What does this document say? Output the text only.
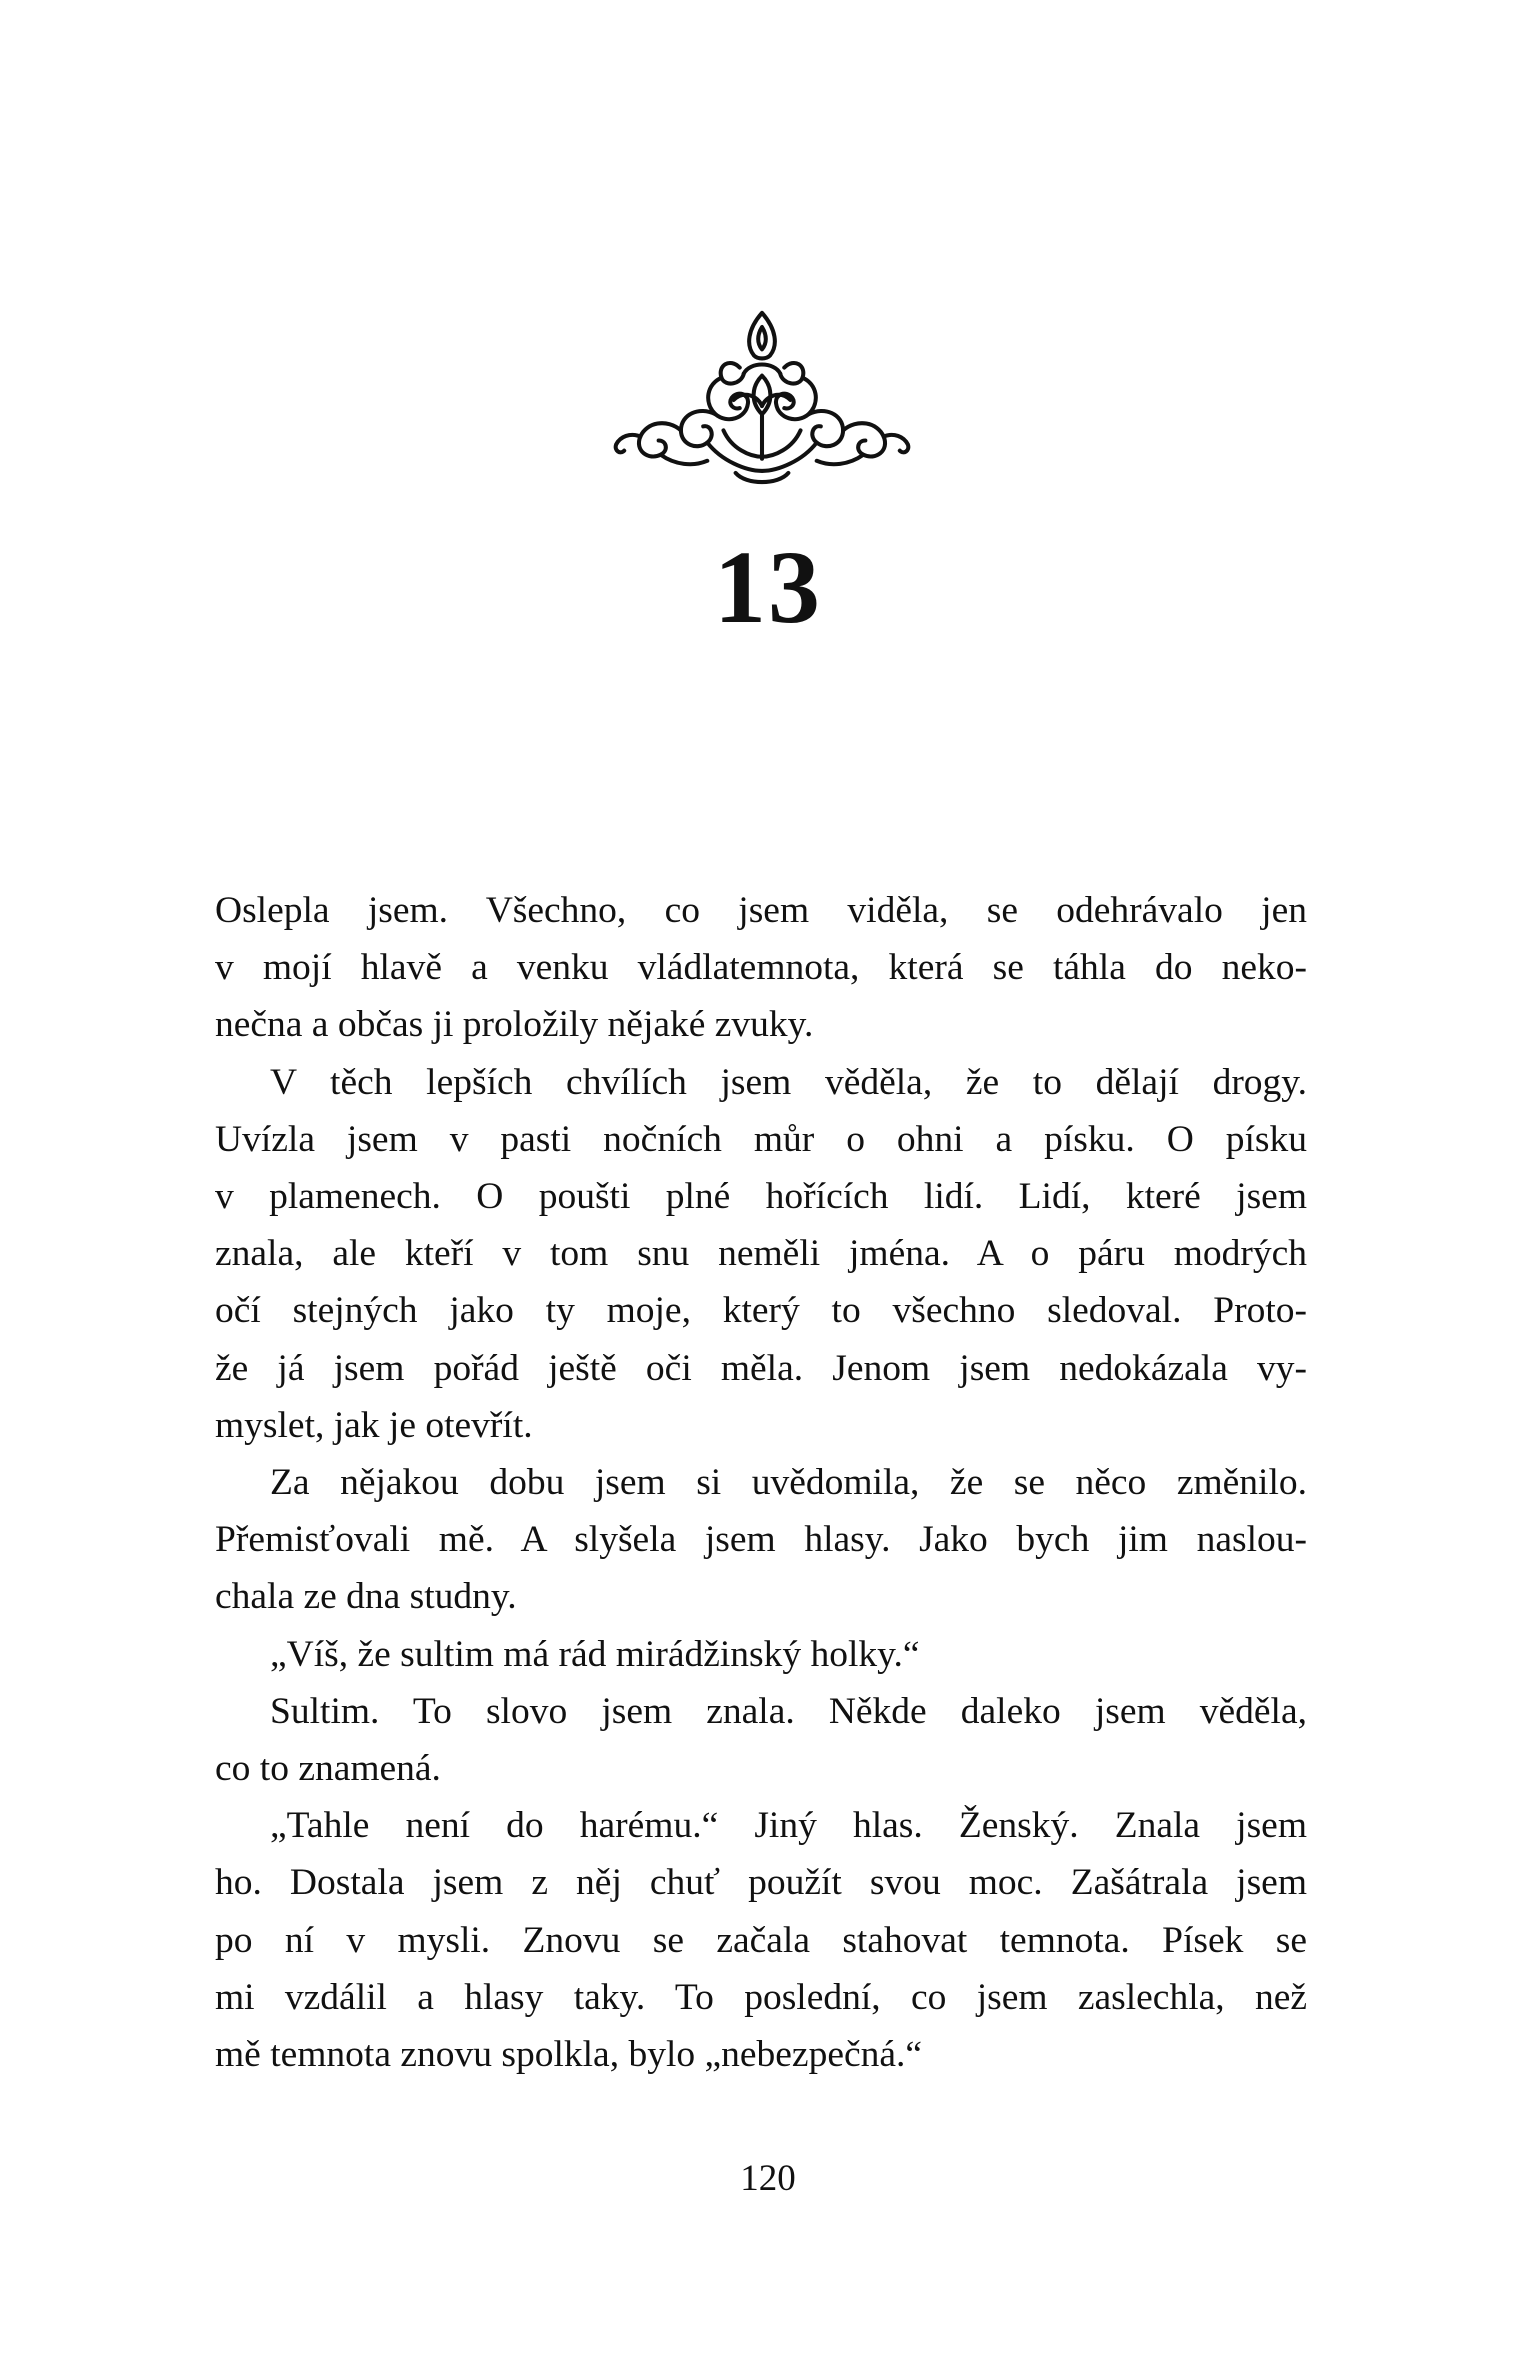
13
Oslepla jsem. Všechno, co jsem viděla, se odehrávalo jen
v mojí hlavě a venku vládlatemnota, která se táhla do neko-
nečna a občas ji proložily nějaké zvuky.
V těch lepších chvílích jsem věděla, že to dělají drogy.
Uvízla jsem v pasti nočních můr o ohni a písku. O písku
v plamenech. O poušti plné hořících lidí. Lidí, které jsem
znala, ale kteří v tom snu neměli jména. A o páru modrých
očí stejných jako ty moje, který to všechno sledoval. Proto-
že já jsem pořád ještě oči měla. Jenom jsem nedokázala vy-
myslet, jak je otevřít.
Za nějakou dobu jsem si uvědomila, že se něco změnilo.
Přemisťovali mě. A slyšela jsem hlasy. Jako bych jim naslou-
chala ze dna studny.
„Víš, že sultim má rád mirádžinský holky.“
Sultim. To slovo jsem znala. Někde daleko jsem věděla,
co to znamená.
„Tahle není do harému.“ Jiný hlas. Ženský. Znala jsem
ho. Dostala jsem z něj chuť použít svou moc. Zašátrala jsem
po ní v mysli. Znovu se začala stahovat temnota. Písek se
mi vzdálil a hlasy taky. To poslední, co jsem zaslechla, než
mě temnota znovu spolkla, bylo „nebezpečná.“
120
